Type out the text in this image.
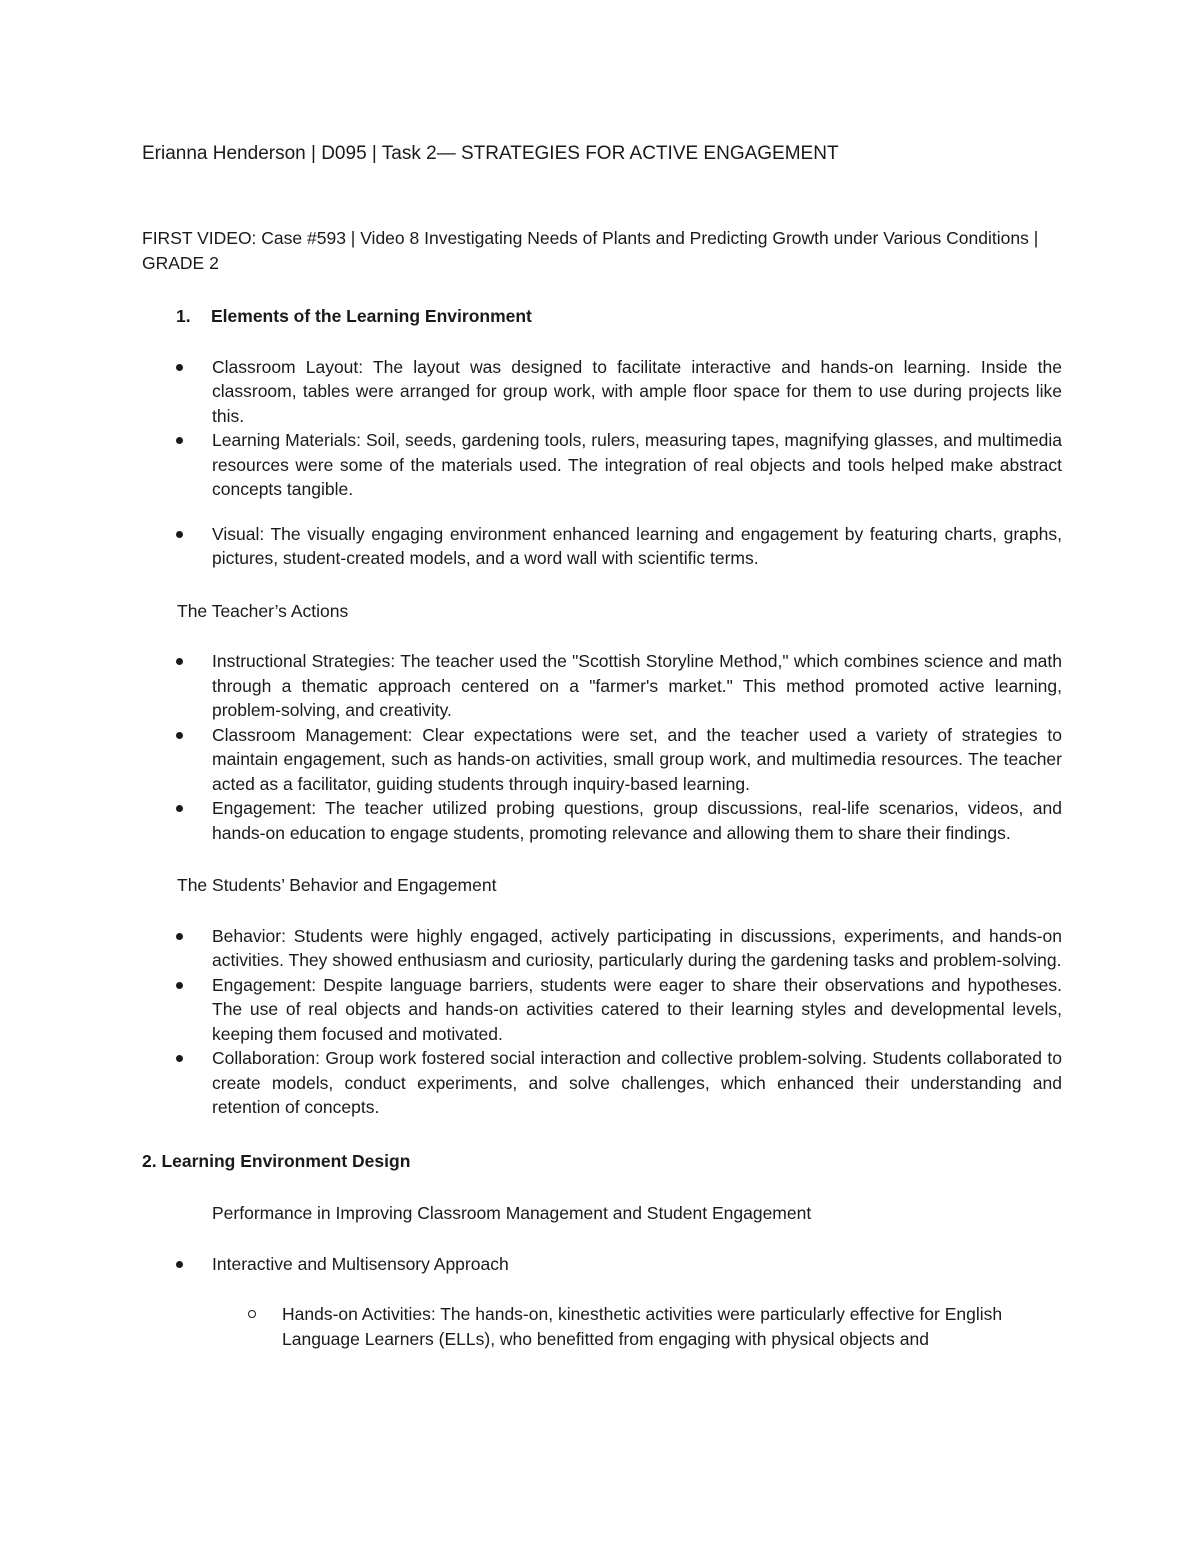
Erianna Henderson | D095 | Task 2— STRATEGIES FOR ACTIVE ENGAGEMENT

FIRST VIDEO: Case #593 | Video 8 Investigating Needs of Plants and Predicting Growth under Various Conditions | GRADE 2

1.	Elements of the Learning Environment
Classroom Layout: The layout was designed to facilitate interactive and hands-on learning. Inside the classroom, tables were arranged for group work, with ample floor space for them to use during projects like this.
Learning Materials: Soil, seeds, gardening tools, rulers, measuring tapes, magnifying glasses, and multimedia resources were some of the materials used. The integration of real objects and tools helped make abstract concepts tangible.
Visual: The visually engaging environment enhanced learning and engagement by featuring charts, graphs, pictures, student-created models, and a word wall with scientific terms.

The Teacher’s Actions

Instructional Strategies: The teacher used the "Scottish Storyline Method," which combines science and math through a thematic approach centered on a "farmer's market." This method promoted active learning, problem-solving, and creativity.
Classroom Management: Clear expectations were set, and the teacher used a variety of strategies to maintain engagement, such as hands-on activities, small group work, and multimedia resources. The teacher acted as a facilitator, guiding students through inquiry-based learning.
Engagement: The teacher utilized probing questions, group discussions, real-life scenarios, videos, and hands-on education to engage students, promoting relevance and allowing them to share their findings.

The Students’ Behavior and Engagement

Behavior: Students were highly engaged, actively participating in discussions, experiments, and hands-on activities. They showed enthusiasm and curiosity, particularly during the gardening tasks and problem-solving.
Engagement: Despite language barriers, students were eager to share their observations and hypotheses. The use of real objects and hands-on activities catered to their learning styles and developmental levels, keeping them focused and motivated.
Collaboration: Group work fostered social interaction and collective problem-solving. Students collaborated to create models, conduct experiments, and solve challenges, which enhanced their understanding and retention of concepts.

2. Learning Environment Design

Performance in Improving Classroom Management and Student Engagement

Interactive and Multisensory Approach
Hands-on Activities: The hands-on, kinesthetic activities were particularly effective for English Language Learners (ELLs), who benefitted from engaging with physical objects and
